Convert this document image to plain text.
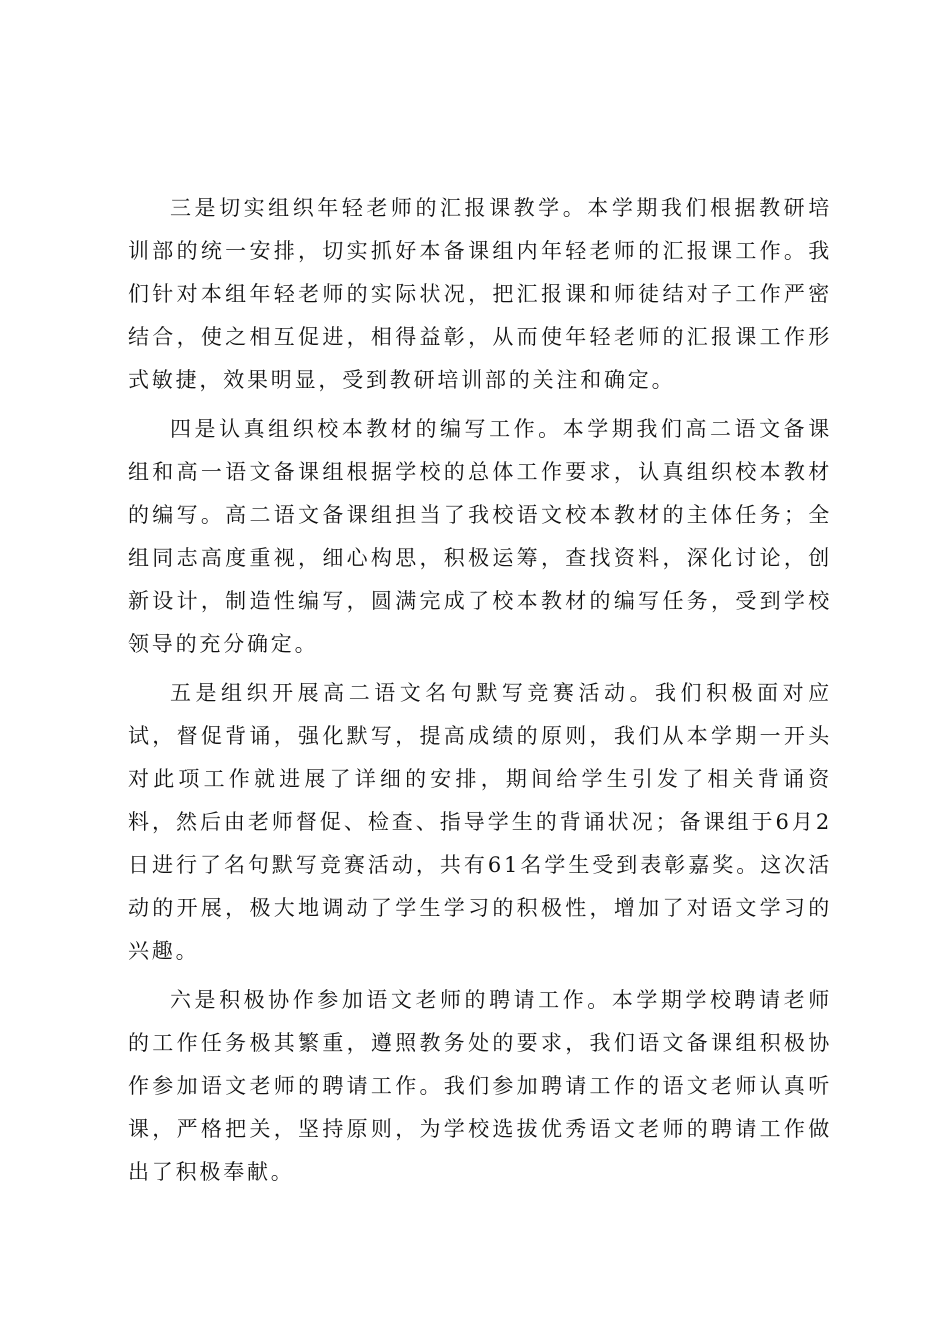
三是切实组织年轻老师的汇报课教学。本学期我们根据教研培训部的统一安排，切实抓好本备课组内年轻老师的汇报课工作。我们针对本组年轻老师的实际状况，把汇报课和师徒结对子工作严密结合，使之相互促进，相得益彰，从而使年轻老师的汇报课工作形式敏捷，效果明显，受到教研培训部的关注和确定。

四是认真组织校本教材的编写工作。本学期我们高二语文备课组和高一语文备课组根据学校的总体工作要求，认真组织校本教材的编写。高二语文备课组担当了我校语文校本教材的主体任务；全组同志高度重视，细心构思，积极运筹，查找资料，深化讨论，创新设计，制造性编写，圆满完成了校本教材的编写任务，受到学校领导的充分确定。

五是组织开展高二语文名句默写竞赛活动。我们积极面对应试，督促背诵，强化默写，提高成绩的原则，我们从本学期一开头对此项工作就进展了详细的安排，期间给学生引发了相关背诵资料，然后由老师督促、检查、指导学生的背诵状况；备课组于6月2日进行了名句默写竞赛活动，共有61名学生受到表彰嘉奖。这次活动的开展，极大地调动了学生学习的积极性，增加了对语文学习的兴趣。

六是积极协作参加语文老师的聘请工作。本学期学校聘请老师的工作任务极其繁重，遵照教务处的要求，我们语文备课组积极协作参加语文老师的聘请工作。我们参加聘请工作的语文老师认真听课，严格把关，坚持原则，为学校选拔优秀语文老师的聘请工作做出了积极奉献。
